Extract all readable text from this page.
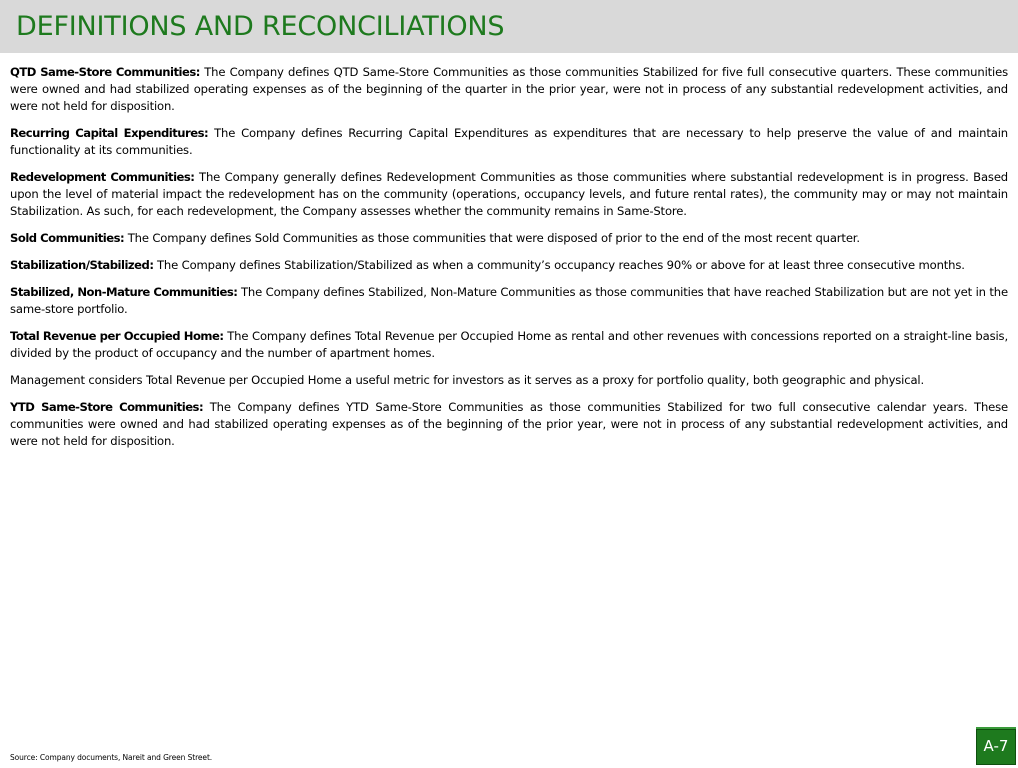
DEFINITIONS AND RECONCILIATIONS

QTD Same-Store Communities: The Company defines QTD Same-Store Communities as those communities Stabilized for five full consecutive quarters. These communities were owned and had stabilized operating expenses as of the beginning of the quarter in the prior year, were not in process of any substantial redevelopment activities, and were not held for disposition.

Recurring Capital Expenditures: The Company defines Recurring Capital Expenditures as expenditures that are necessary to help preserve the value of and maintain functionality at its communities.

Redevelopment Communities: The Company generally defines Redevelopment Communities as those communities where substantial redevelopment is in progress. Based upon the level of material impact the redevelopment has on the community (operations, occupancy levels, and future rental rates), the community may or may not maintain Stabilization. As such, for each redevelopment, the Company assesses whether the community remains in Same-Store.

Sold Communities: The Company defines Sold Communities as those communities that were disposed of prior to the end of the most recent quarter.

Stabilization/Stabilized: The Company defines Stabilization/Stabilized as when a community’s occupancy reaches 90% or above for at least three consecutive months.

Stabilized, Non-Mature Communities: The Company defines Stabilized, Non-Mature Communities as those communities that have reached Stabilization but are not yet in the same-store portfolio.

Total Revenue per Occupied Home: The Company defines Total Revenue per Occupied Home as rental and other revenues with concessions reported on a straight-line basis, divided by the product of occupancy and the number of apartment homes.

Management considers Total Revenue per Occupied Home a useful metric for investors as it serves as a proxy for portfolio quality, both geographic and physical.

YTD Same-Store Communities: The Company defines YTD Same-Store Communities as those communities Stabilized for two full consecutive calendar years. These communities were owned and had stabilized operating expenses as of the beginning of the prior year, were not in process of any substantial redevelopment activities, and were not held for disposition.

Source: Company documents, Nareit and Green Street.
A-7
